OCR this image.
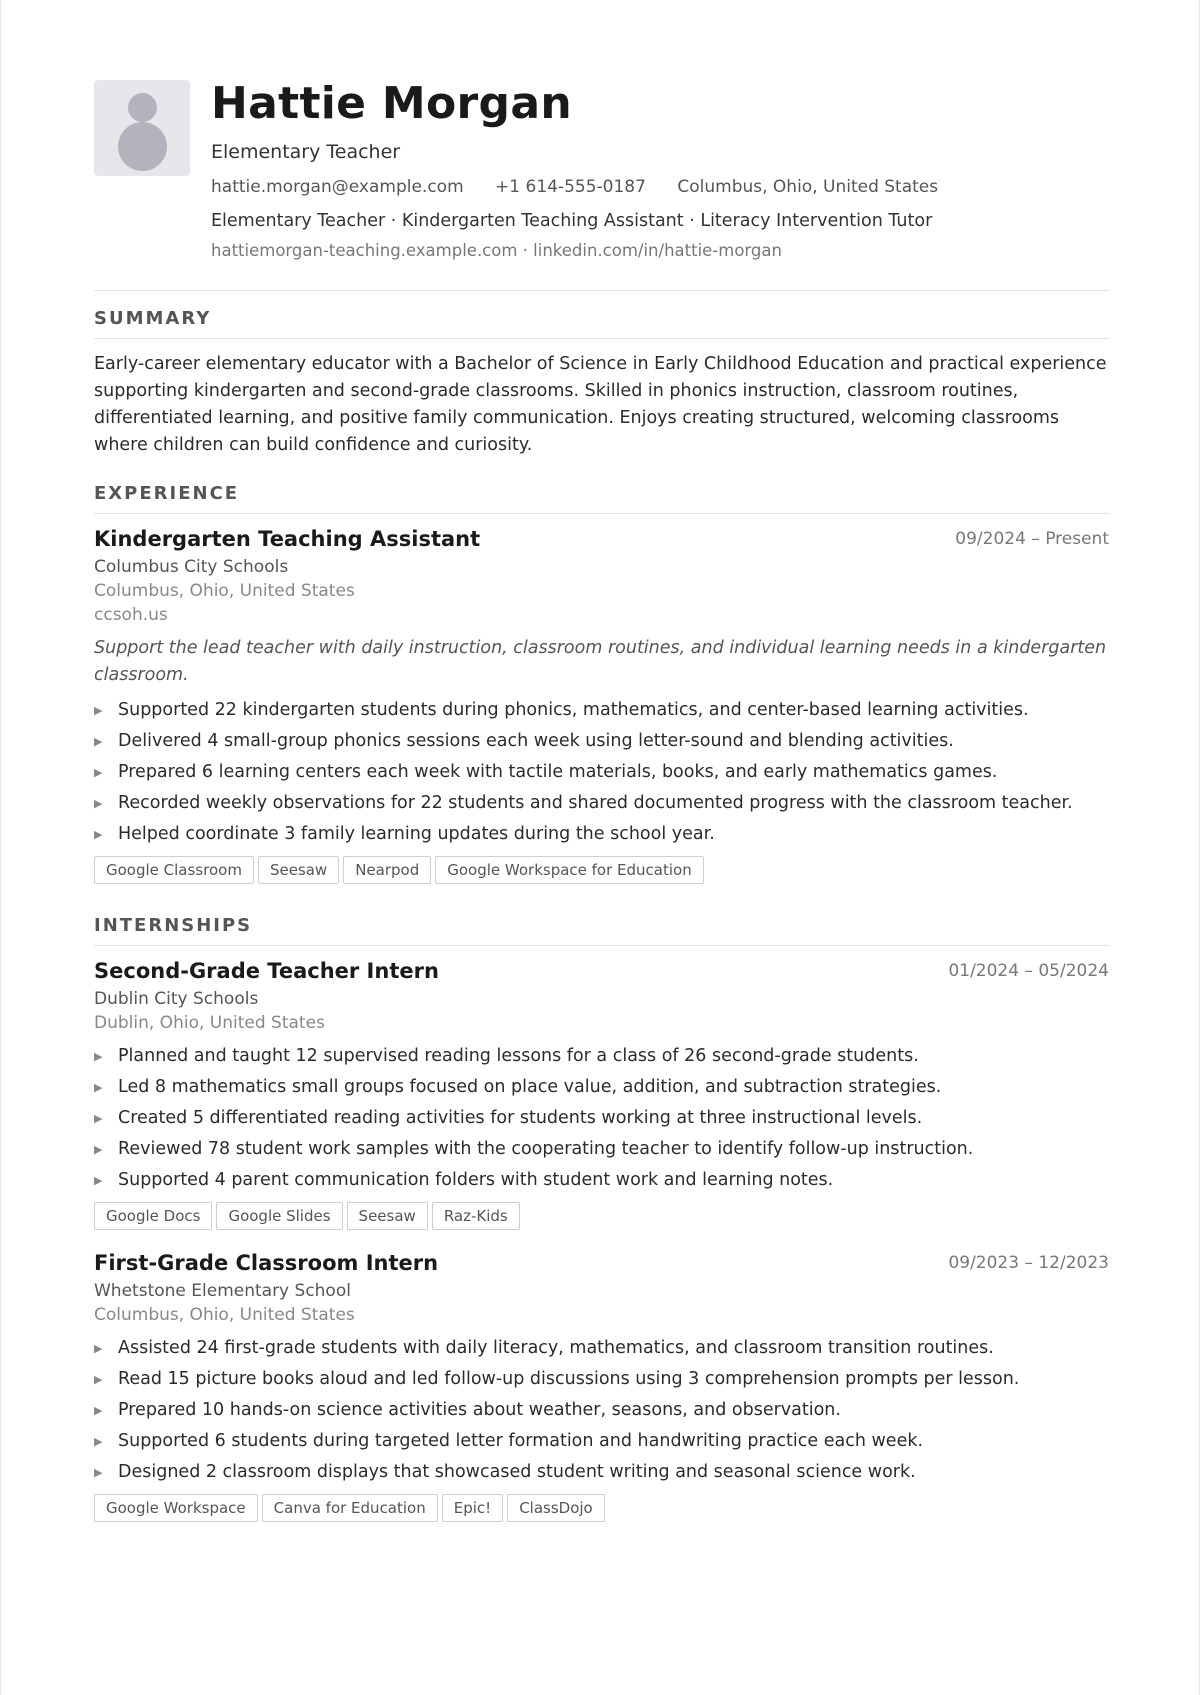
Hattie Morgan
Elementary Teacher
hattie.morgan@example.com +1 614-555-0187 Columbus, Ohio, United States
Elementary Teacher · Kindergarten Teaching Assistant · Literacy Intervention Tutor
hattiemorgan-teaching.example.com · linkedin.com/in/hattie-morgan
SUMMARY
Early-career elementary educator with a Bachelor of Science in Early Childhood Education and practical experience supporting kindergarten and second-grade classrooms. Skilled in phonics instruction, classroom routines, differentiated learning, and positive family communication. Enjoys creating structured, welcoming classrooms where children can build confidence and curiosity.
EXPERIENCE
Kindergarten Teaching Assistant	09/2024 – Present
Columbus City Schools
Columbus, Ohio, United States
ccsoh.us
Support the lead teacher with daily instruction, classroom routines, and individual learning needs in a kindergarten classroom.
▶ Supported 22 kindergarten students during phonics, mathematics, and center-based learning activities.
▶ Delivered 4 small-group phonics sessions each week using letter-sound and blending activities.
▶ Prepared 6 learning centers each week with tactile materials, books, and early mathematics games.
▶ Recorded weekly observations for 22 students and shared documented progress with the classroom teacher.
▶ Helped coordinate 3 family learning updates during the school year.
Google Classroom	Seesaw	Nearpod	Google Workspace for Education
INTERNSHIPS
Second-Grade Teacher Intern	01/2024 – 05/2024
Dublin City Schools
Dublin, Ohio, United States
▶ Planned and taught 12 supervised reading lessons for a class of 26 second-grade students.
▶ Led 8 mathematics small groups focused on place value, addition, and subtraction strategies.
▶ Created 5 differentiated reading activities for students working at three instructional levels.
▶ Reviewed 78 student work samples with the cooperating teacher to identify follow-up instruction.
▶ Supported 4 parent communication folders with student work and learning notes.
Google Docs	Google Slides	Seesaw	Raz-Kids
First-Grade Classroom Intern	09/2023 – 12/2023
Whetstone Elementary School
Columbus, Ohio, United States
▶ Assisted 24 first-grade students with daily literacy, mathematics, and classroom transition routines.
▶ Read 15 picture books aloud and led follow-up discussions using 3 comprehension prompts per lesson.
▶ Prepared 10 hands-on science activities about weather, seasons, and observation.
▶ Supported 6 students during targeted letter formation and handwriting practice each week.
▶ Designed 2 classroom displays that showcased student writing and seasonal science work.
Google Workspace	Canva for Education	Epic!	ClassDojo
